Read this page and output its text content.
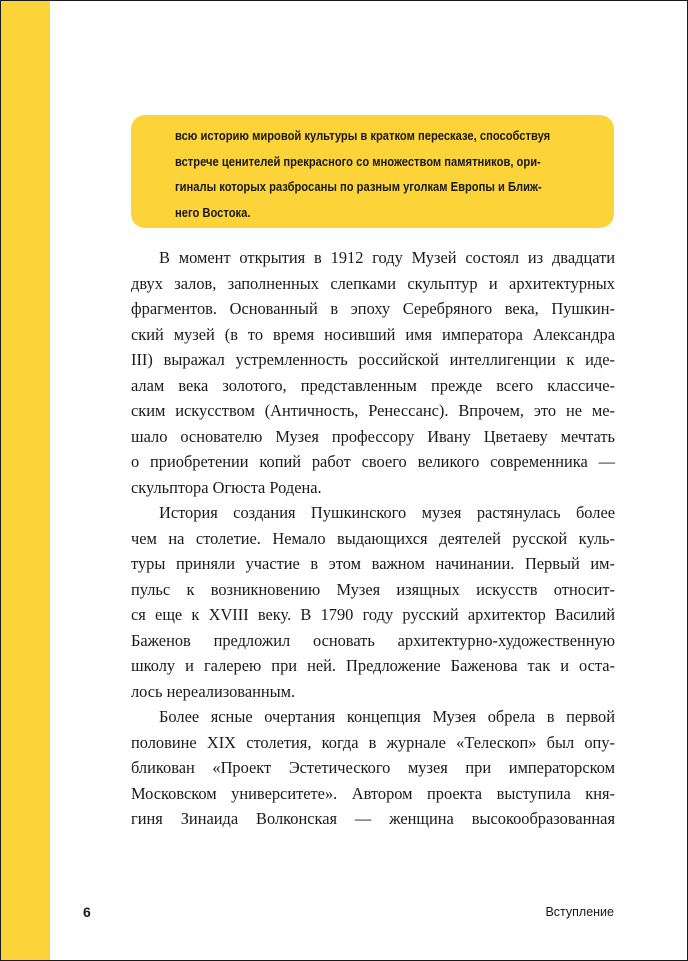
всю историю мировой культуры в кратком пересказе, способствуя
встрече ценителей прекрасного со множеством памятников, ори-
гиналы которых разбросаны по разным уголкам Европы и Ближ-
него Востока.
В момент открытия в 1912 году Музей состоял из двадцати
двух залов, заполненных слепками скульптур и архитектурных
фрагментов. Основанный в эпоху Серебряного века, Пушкин-
ский музей (в то время носивший имя императора Александра
III) выражал устремленность российской интеллигенции к иде-
алам века золотого, представленным прежде всего классиче-
ским искусством (Античность, Ренессанс). Впрочем, это не ме-
шало основателю Музея профессору Ивану Цветаеву мечтать
о приобретении копий работ своего великого современника —
скульптора Огюста Родена.
История создания Пушкинского музея растянулась более
чем на столетие. Немало выдающихся деятелей русской куль-
туры приняли участие в этом важном начинании. Первый им-
пульс к возникновению Музея изящных искусств относит-
ся еще к XVIII веку. В 1790 году русский архитектор Василий
Баженов предложил основать архитектурно-художественную
школу и галерею при ней. Предложение Баженова так и оста-
лось нереализованным.
Более ясные очертания концепция Музея обрела в первой
половине XIX столетия, когда в журнале «Телескоп» был опу-
бликован «Проект Эстетического музея при императорском
Московском университете». Автором проекта выступила кня-
гиня Зинаида Волконская — женщина высокообразованная
6	Вступление
